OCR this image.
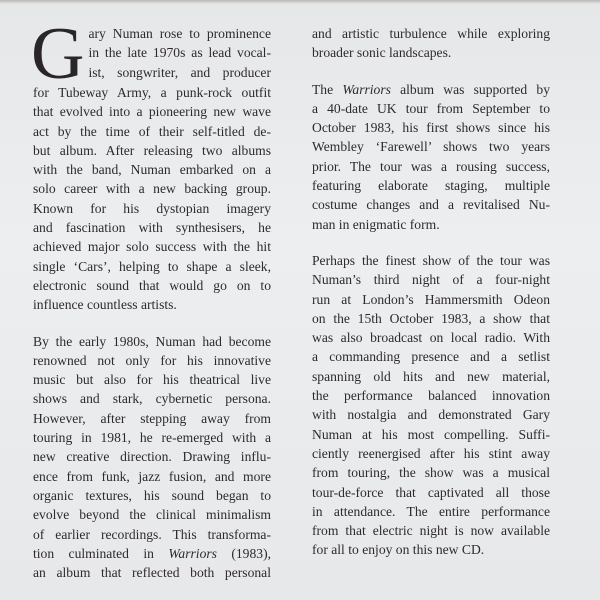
G ary Numan rose to prominence
in the late 1970s as lead vocal-
ist, songwriter, and producer
for Tubeway Army, a punk-rock outfit
that evolved into a pioneering new wave
act by the time of their self-titled de-
but album. After releasing two albums
with the band, Numan embarked on a
solo career with a new backing group.
Known for his dystopian imagery
and fascination with synthesisers, he
achieved major solo success with the hit
single ‘Cars’, helping to shape a sleek,
electronic sound that would go on to
influence countless artists.
By the early 1980s, Numan had become
renowned not only for his innovative
music but also for his theatrical live
shows and stark, cybernetic persona.
However, after stepping away from
touring in 1981, he re-emerged with a
new creative direction. Drawing influ-
ence from funk, jazz fusion, and more
organic textures, his sound began to
evolve beyond the clinical minimalism
of earlier recordings. This transforma-
tion culminated in Warriors (1983),
an album that reflected both personal
and artistic turbulence while exploring
broader sonic landscapes.
The Warriors album was supported by
a 40-date UK tour from September to
October 1983, his first shows since his
Wembley ‘Farewell’ shows two years
prior. The tour was a rousing success,
featuring elaborate staging, multiple
costume changes and a revitalised Nu-
man in enigmatic form.
Perhaps the finest show of the tour was
Numan’s third night of a four-night
run at London’s Hammersmith Odeon
on the 15th October 1983, a show that
was also broadcast on local radio. With
a commanding presence and a setlist
spanning old hits and new material,
the performance balanced innovation
with nostalgia and demonstrated Gary
Numan at his most compelling. Suffi-
ciently reenergised after his stint away
from touring, the show was a musical
tour-de-force that captivated all those
in attendance. The entire performance
from that electric night is now available
for all to enjoy on this new CD.
